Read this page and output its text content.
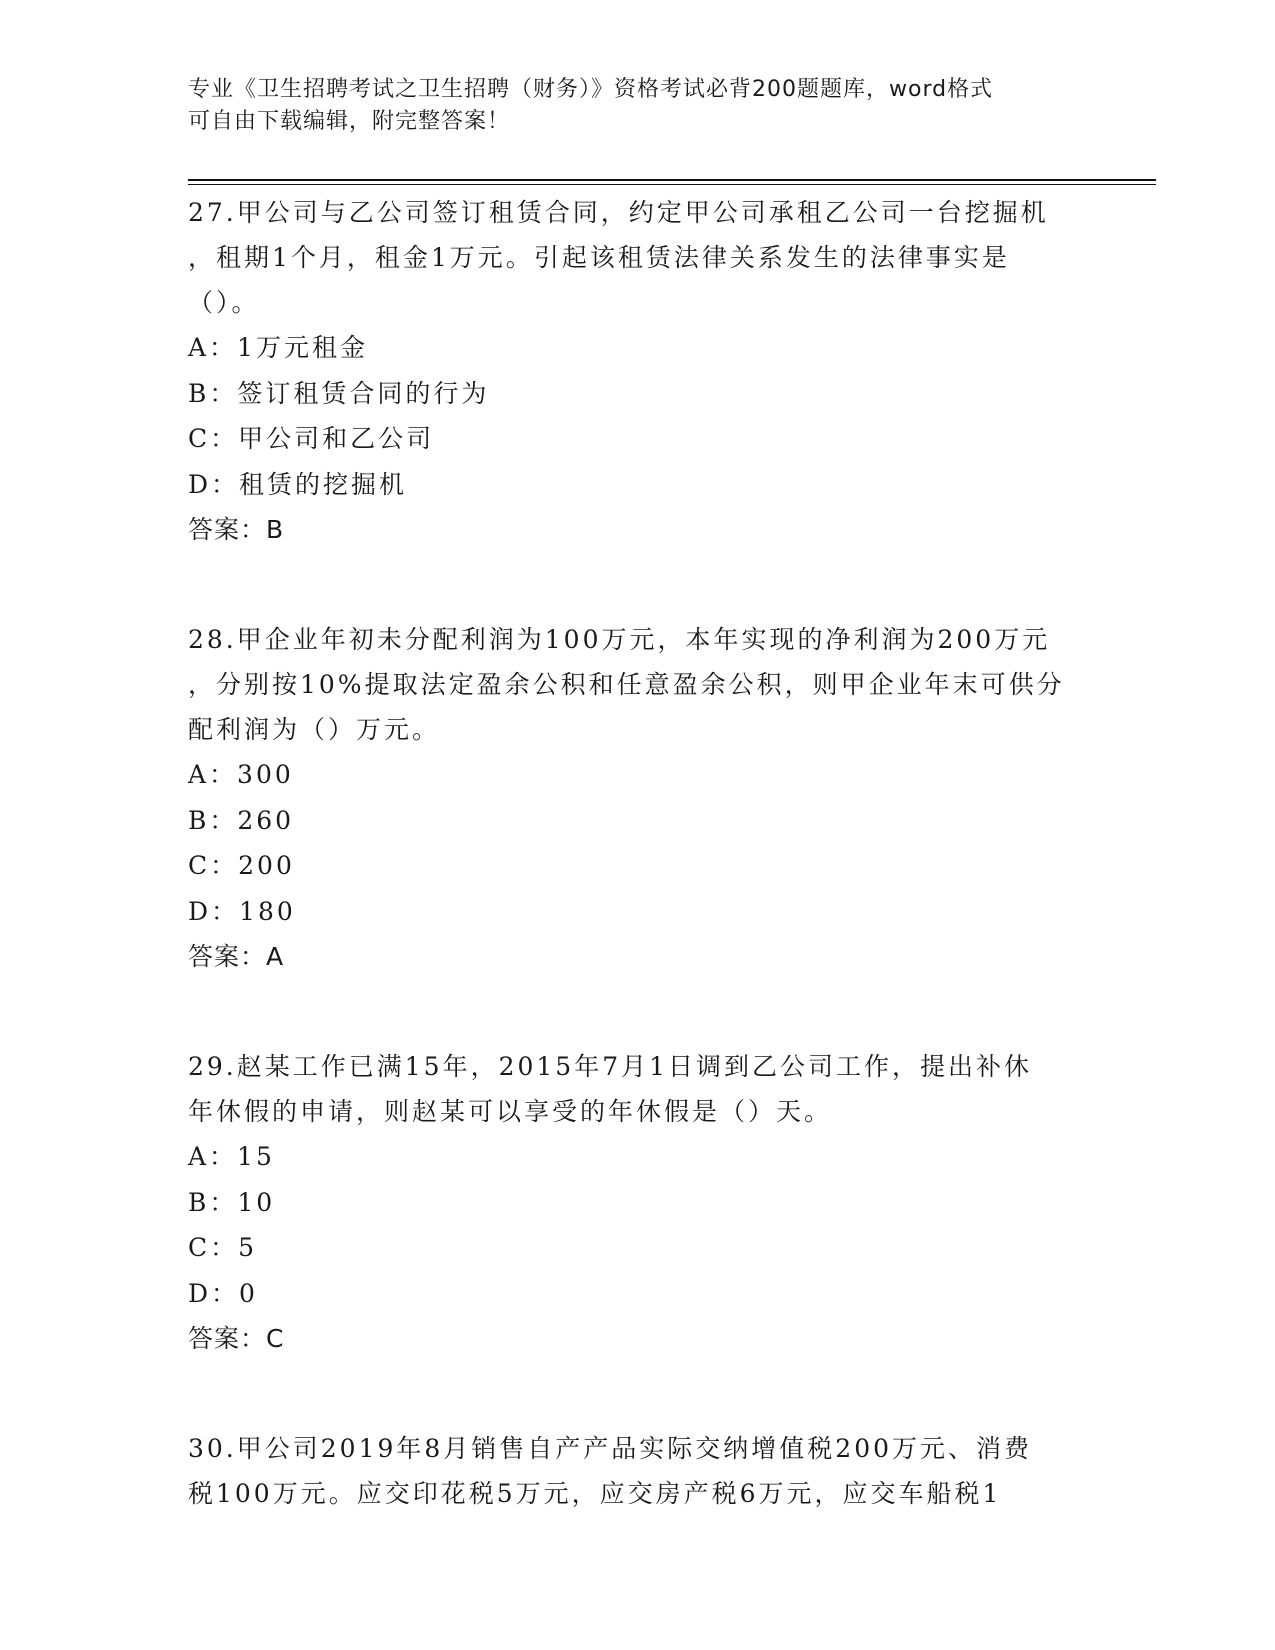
专业《卫生招聘考试之卫生招聘（财务）》资格考试必背200题题库，word格式
可自由下载编辑，附完整答案！

27.甲公司与乙公司签订租赁合同，约定甲公司承租乙公司一台挖掘机

，租期1个月，租金1万元。引起该租赁法律关系发生的法律事实是

（）。

A：1万元租金

B：签订租赁合同的行为

C：甲公司和乙公司

D：租赁的挖掘机

答案：B

28.甲企业年初未分配利润为100万元，本年实现的净利润为200万元

，分别按10%提取法定盈余公积和任意盈余公积，则甲企业年末可供分

配利润为（）万元。

A：300

B：260

C：200

D：180

答案：A

29.赵某工作已满15年，2015年7月1日调到乙公司工作，提出补休

年休假的申请，则赵某可以享受的年休假是（）天。

A：15

B：10

C：5

D：0

答案：C

30.甲公司2019年8月销售自产产品实际交纳增值税200万元、消费

税100万元。应交印花税5万元，应交房产税6万元，应交车船税1
